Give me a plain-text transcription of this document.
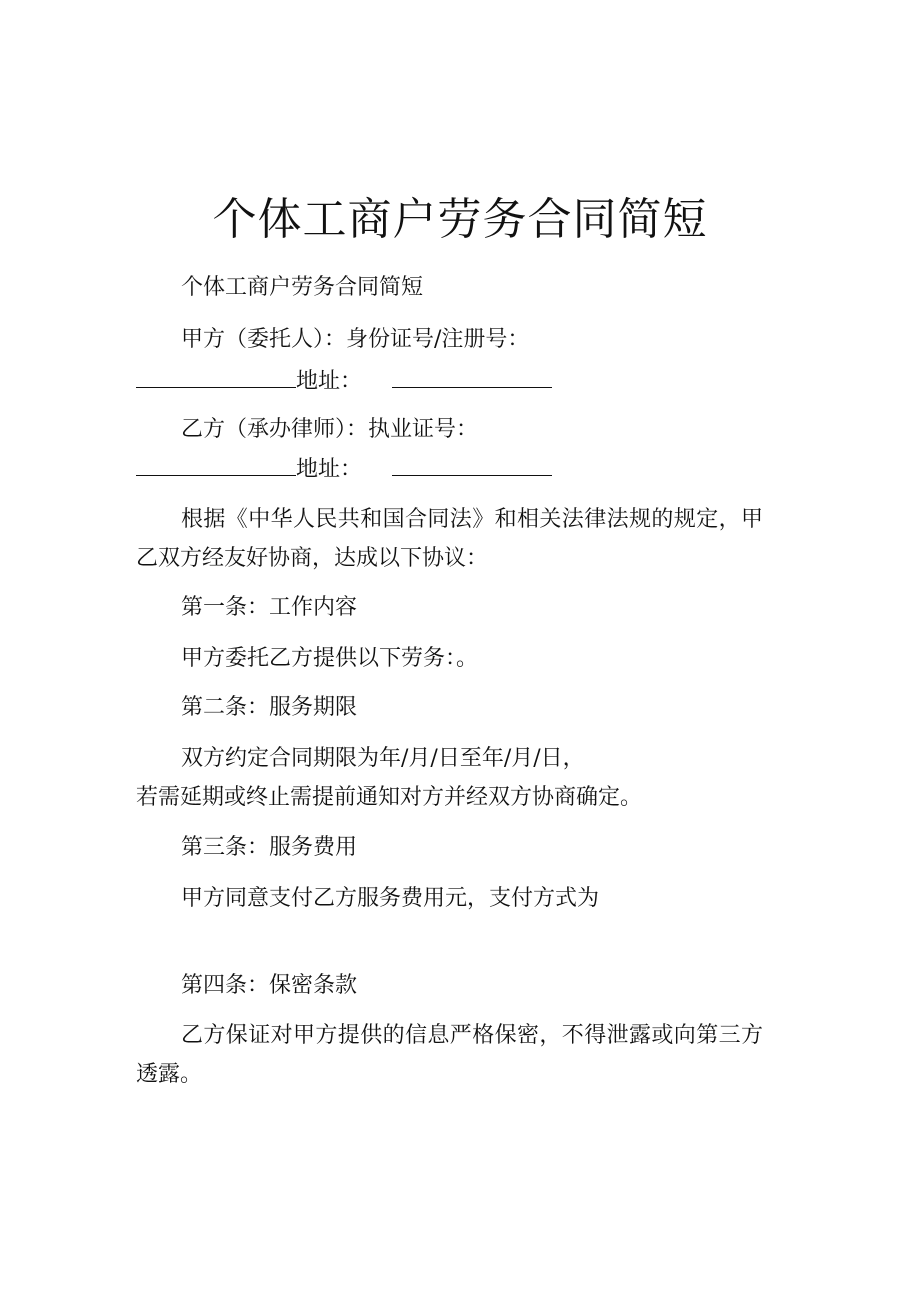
个体工商户劳务合同简短

个体工商户劳务合同简短

甲方（委托人）：身份证号/注册号：

地址：

乙方（承办律师）：执业证号：

地址：

根据《中华人民共和国合同法》和相关法律法规的规定，甲

乙双方经友好协商，达成以下协议：

第一条：工作内容

甲方委托乙方提供以下劳务：。

第二条：服务期限

双方约定合同期限为年/月/日至年/月/日，

若需延期或终止需提前通知对方并经双方协商确定。

第三条：服务费用

甲方同意支付乙方服务费用元，支付方式为

第四条：保密条款

乙方保证对甲方提供的信息严格保密，不得泄露或向第三方

透露。
